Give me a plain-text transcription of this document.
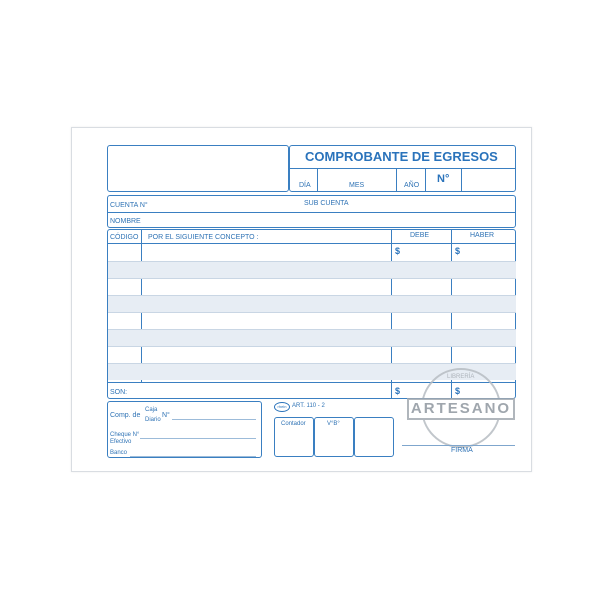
COMPROBANTE DE EGRESOS
DÍA	MES	AÑO
N°
CUENTA N°	SUB CUENTA
NOMBRE
CÓDIGO POR EL SIGUIENTE CONCEPTO :	DEBE	HABER
$	$
$	$
SON:
Comp. de
Caja
Diario
N°
Cheque N°
Efectivo
Banco
rhein ART. 110 - 2
Contador	V°B°
LIBRERÍA
ARTESANO
FIRMA
